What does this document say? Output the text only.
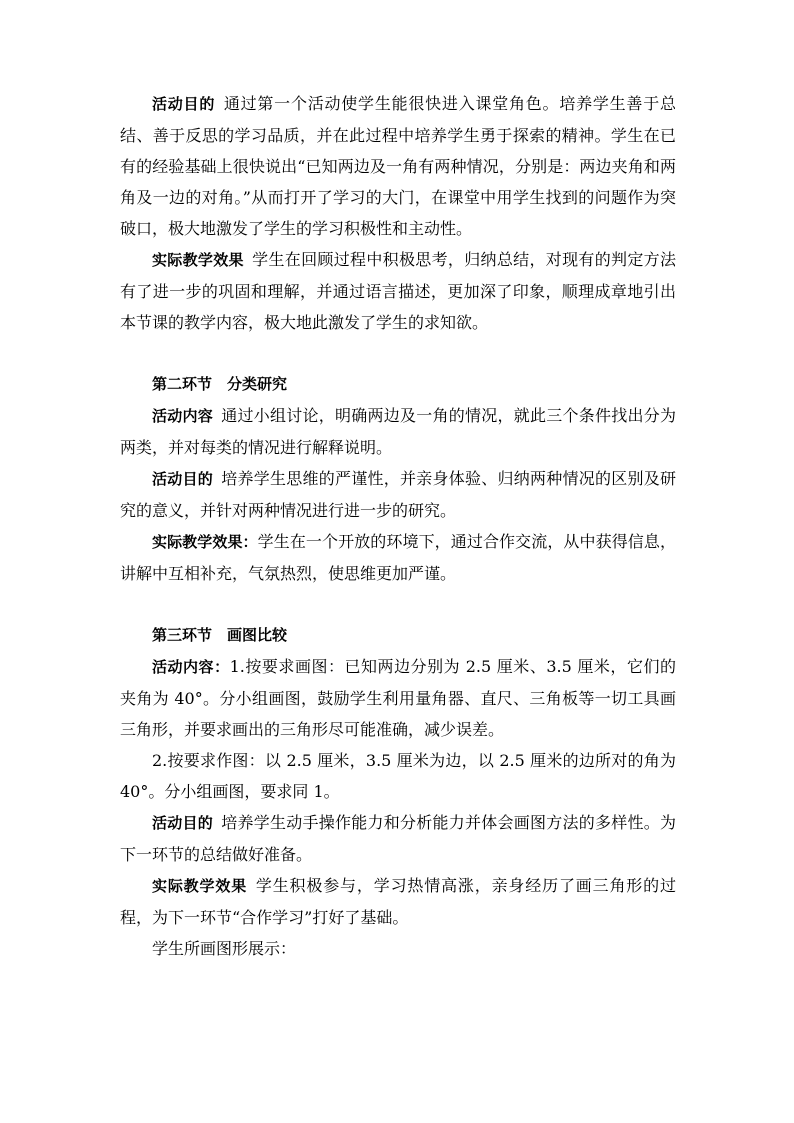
活动目的  通过第一个活动使学生能很快进入课堂角色。培养学生善于总结、善于反思的学习品质，并在此过程中培养学生勇于探索的精神。学生在已有的经验基础上很快说出“已知两边及一角有两种情况，分别是：两边夹角和两角及一边的对角。”从而打开了学习的大门，在课堂中用学生找到的问题作为突破口，极大地激发了学生的学习积极性和主动性。

实际教学效果  学生在回顾过程中积极思考，归纳总结，对现有的判定方法有了进一步的巩固和理解，并通过语言描述，更加深了印象，顺理成章地引出本节课的教学内容，极大地此激发了学生的求知欲。

第二环节　分类研究

活动内容  通过小组讨论，明确两边及一角的情况，就此三个条件找出分为两类，并对每类的情况进行解释说明。

活动目的  培养学生思维的严谨性，并亲身体验、归纳两种情况的区别及研究的意义，并针对两种情况进行进一步的研究。

实际教学效果：学生在一个开放的环境下，通过合作交流，从中获得信息，讲解中互相补充，气氛热烈，使思维更加严谨。

第三环节　画图比较

活动内容：1.按要求画图：已知两边分别为 2.5 厘米、3.5 厘米，它们的夹角为 40°。分小组画图，鼓励学生利用量角器、直尺、三角板等一切工具画三角形，并要求画出的三角形尽可能准确，减少误差。

2.按要求作图：以 2.5 厘米，3.5 厘米为边，以 2.5 厘米的边所对的角为 40°。分小组画图，要求同 1。

活动目的  培养学生动手操作能力和分析能力并体会画图方法的多样性。为下一环节的总结做好准备。

实际教学效果  学生积极参与，学习热情高涨，亲身经历了画三角形的过程，为下一环节“合作学习”打好了基础。

学生所画图形展示：
